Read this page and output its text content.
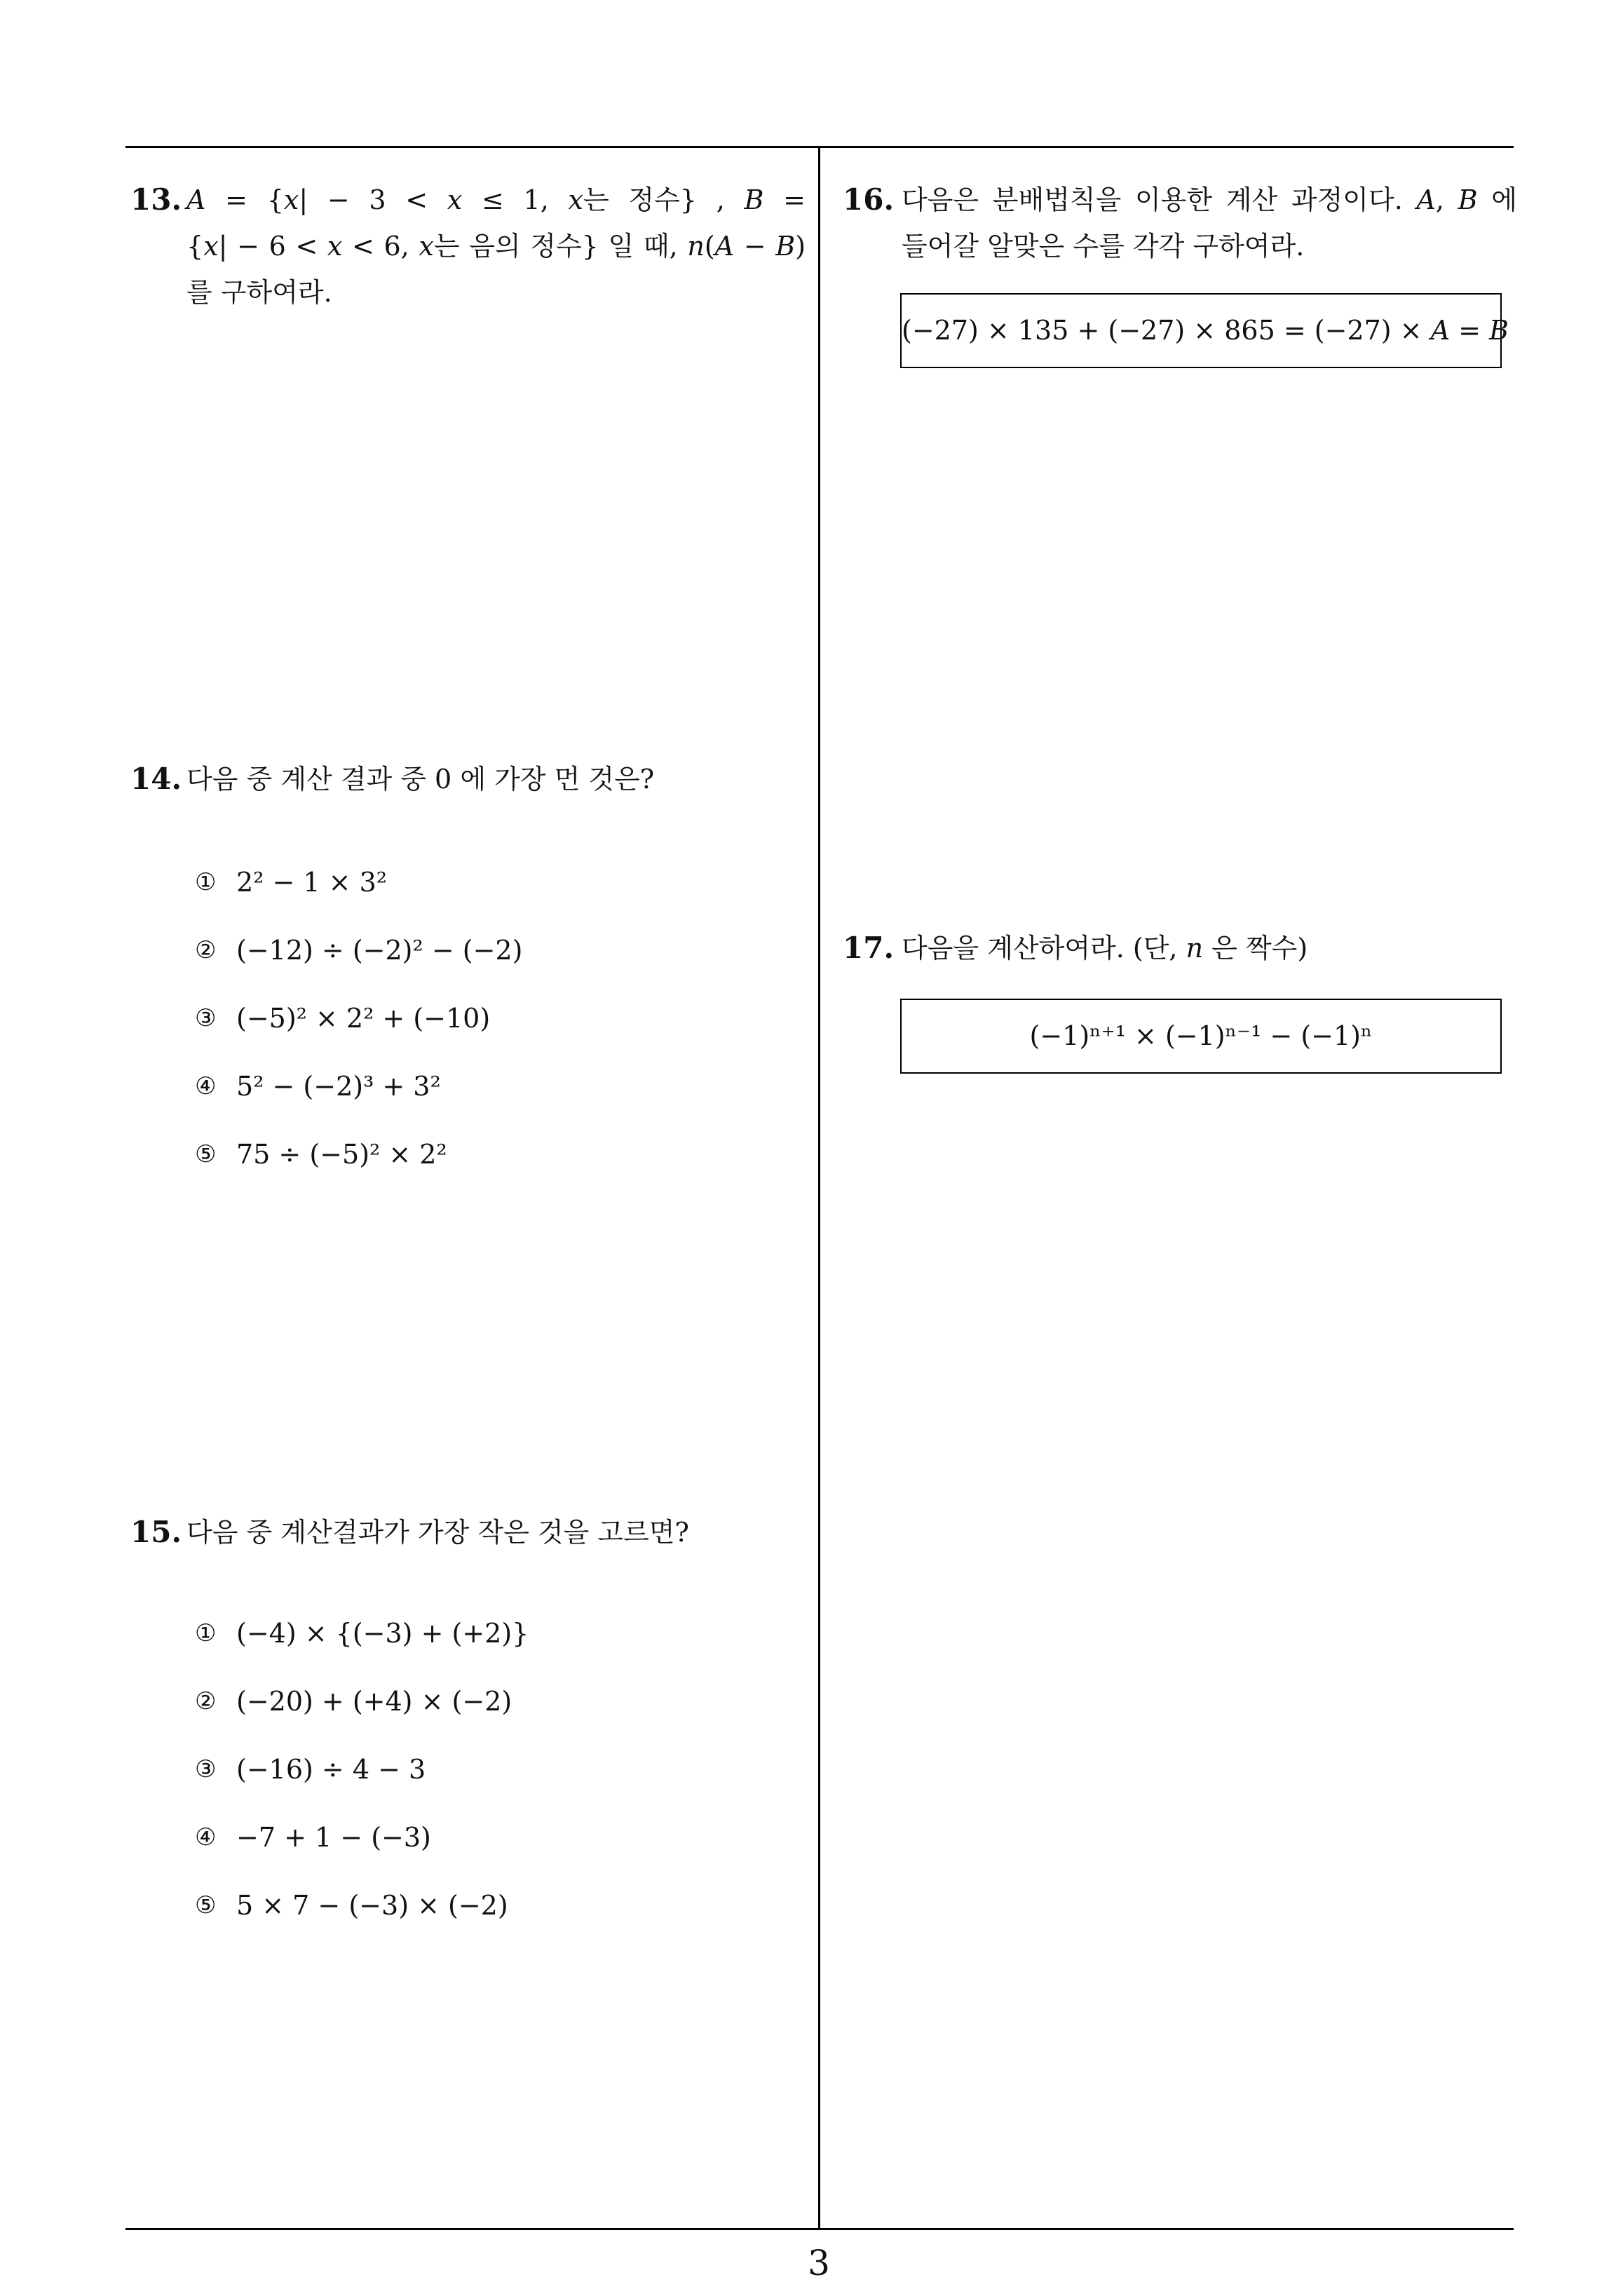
13. A = {x| − 3 < x ≤ 1, x는 정수} , B =
{x| − 6 < x < 6, x는 음의 정수} 일 때, n(A − B)
를 구하여라.
14. 다음 중 계산 결과 중 0 에 가장 먼 것은?
① 2² − 1 × 3²
② (−12) ÷ (−2)² − (−2)
③ (−5)² × 2² + (−10)
④ 5² − (−2)³ + 3²
⑤ 75 ÷ (−5)² × 2²
15. 다음 중 계산결과가 가장 작은 것을 고르면?
① (−4) × {(−3) + (+2)}
② (−20) + (+4) × (−2)
③ (−16) ÷ 4 − 3
④ −7 + 1 − (−3)
⑤ 5 × 7 − (−3) × (−2)
16. 다음은 분배법칙을 이용한 계산 과정이다. A, B 에
들어갈 알맞은 수를 각각 구하여라.
(−27) × 135 + (−27) × 865 = (−27) × A = B
17. 다음을 계산하여라. (단, n 은 짝수)
(−1)ⁿ⁺¹ × (−1)ⁿ⁻¹ − (−1)ⁿ
3
